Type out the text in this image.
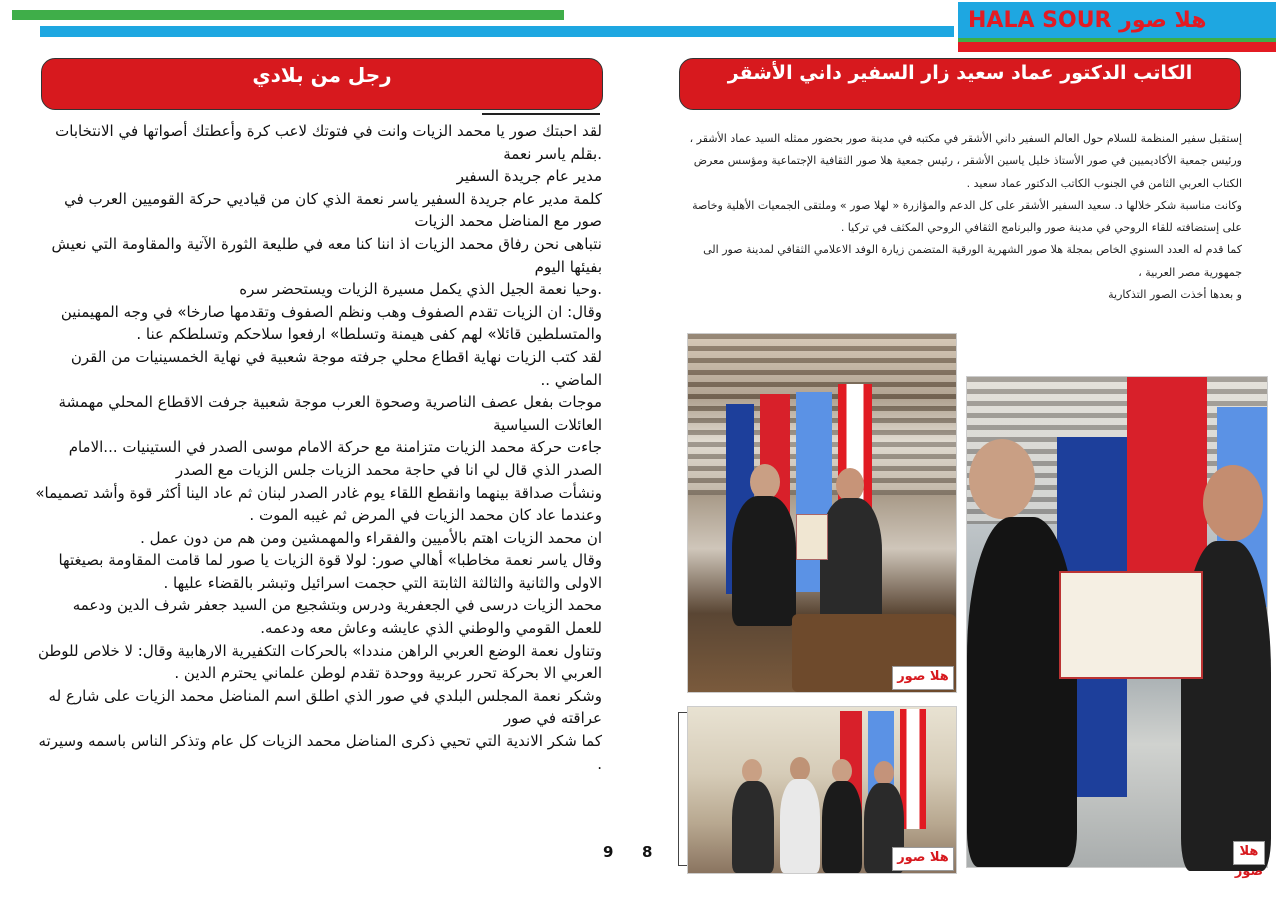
HALA SOUR هلا صور
رجل من بلادي	الكاتب الدكتور عماد سعيد زار السفير داني الأشقر

لقد احبتك صور يا محمد الزيات وانت في فتوتك لاعب كرة وأعطتك أصواتها في الانتخابات

.بقلم ياسر نعمة

مدير عام جريدة السفير

كلمة مدير عام جريدة السفير ياسر نعمة الذي كان من قياديي حركة القوميين العرب في صور مع المناضل محمد الزيات

نتباهى نحن رفاق محمد الزيات اذ اننا كنا معه في طليعة الثورة الآتية والمقاومة التي نعيش بفيئها اليوم

.وحيا نعمة الجيل الذي يكمل مسيرة الزيات ويستحضر سره

وقال: ان الزيات تقدم الصفوف وهب ونظم الصفوف وتقدمها صارخا» في وجه المهيمنين والمتسلطين قائلا» لهم كفى هيمنة وتسلطا» ارفعوا سلاحكم وتسلطكم عنا .

لقد كتب الزيات نهاية اقطاع محلي جرفته موجة شعبية في نهاية الخمسينيات من القرن الماضي ..

موجات بفعل عصف الناصرية وصحوة العرب موجة شعبية جرفت الاقطاع المحلي مهمشة العائلات السياسية

جاءت حركة محمد الزيات متزامنة مع حركة الامام موسى الصدر في الستينيات ...الامام الصدر الذي قال لي انا في حاجة محمد الزيات جلس الزيات مع الصدر

ونشأت صداقة بينهما وانقطع اللقاء يوم غادر الصدر لبنان ثم عاد الينا أكثر قوة وأشد تصميما» وعندما عاد كان محمد الزيات في المرض ثم غيبه الموت .

ان محمد الزيات اهتم بالأميين والفقراء والمهمشين ومن هم من دون عمل .

وقال ياسر نعمة مخاطبا» أهالي صور: لولا قوة الزيات يا صور لما قامت المقاومة بصيغتها الاولى والثانية والثالثة الثابتة التي حجمت اسرائيل وتبشر بالقضاء عليها .

محمد الزيات درسى في الجعفرية ودرس وبتشجيع من السيد جعفر شرف الدين ودعمه للعمل القومي والوطني الذي عايشه وعاش معه ودعمه.

وتناول نعمة الوضع العربي الراهن منددا» بالحركات التكفيرية الارهابية وقال: لا خلاص للوطن العربي الا بحركة تحرر عربية ووحدة تقدم لوطن علماني يحترم الدين .

وشكر نعمة المجلس البلدي في صور الذي اطلق اسم المناضل محمد الزيات على شارع له عراقته في صور

كما شكر الاندية التي تحيي ذكرى المناضل محمد الزيات كل عام وتذكر الناس باسمه وسيرته .

9 8

إستقبل سفير المنظمة للسلام حول العالم السفير داني الأشقر في مكتبه في مدينة صور بحضور ممثله السيد عماد الأشقر ، ورئيس جمعية الأكاديميين في صور الأستاذ خليل ياسين الأشقر ، رئيس جمعية هلا صور الثقافية الإجتماعية ومؤسس معرض الكتاب العربي الثامن في الجنوب الكاتب الدكتور عماد سعيد .

وكانت مناسبة شكر خلالها د. سعيد السفير الأشقر على كل الدعم والمؤازرة « لهلا صور » وملتقى الجمعيات الأهلية وخاصة على إستضافته للقاء الروحي في مدينة صور والبرنامج الثقافي الروحي المكثف في تركيا .

كما قدم له العدد السنوي الخاص بمجلة هلا صور الشهرية الورقية المتضمن زيارة الوفد الاعلامي الثقافي لمدينة صور الى جمهورية مصر العربية ،

و بعدها أخذت الصور التذكارية

هلا صور
هلا صور	هلا صور
